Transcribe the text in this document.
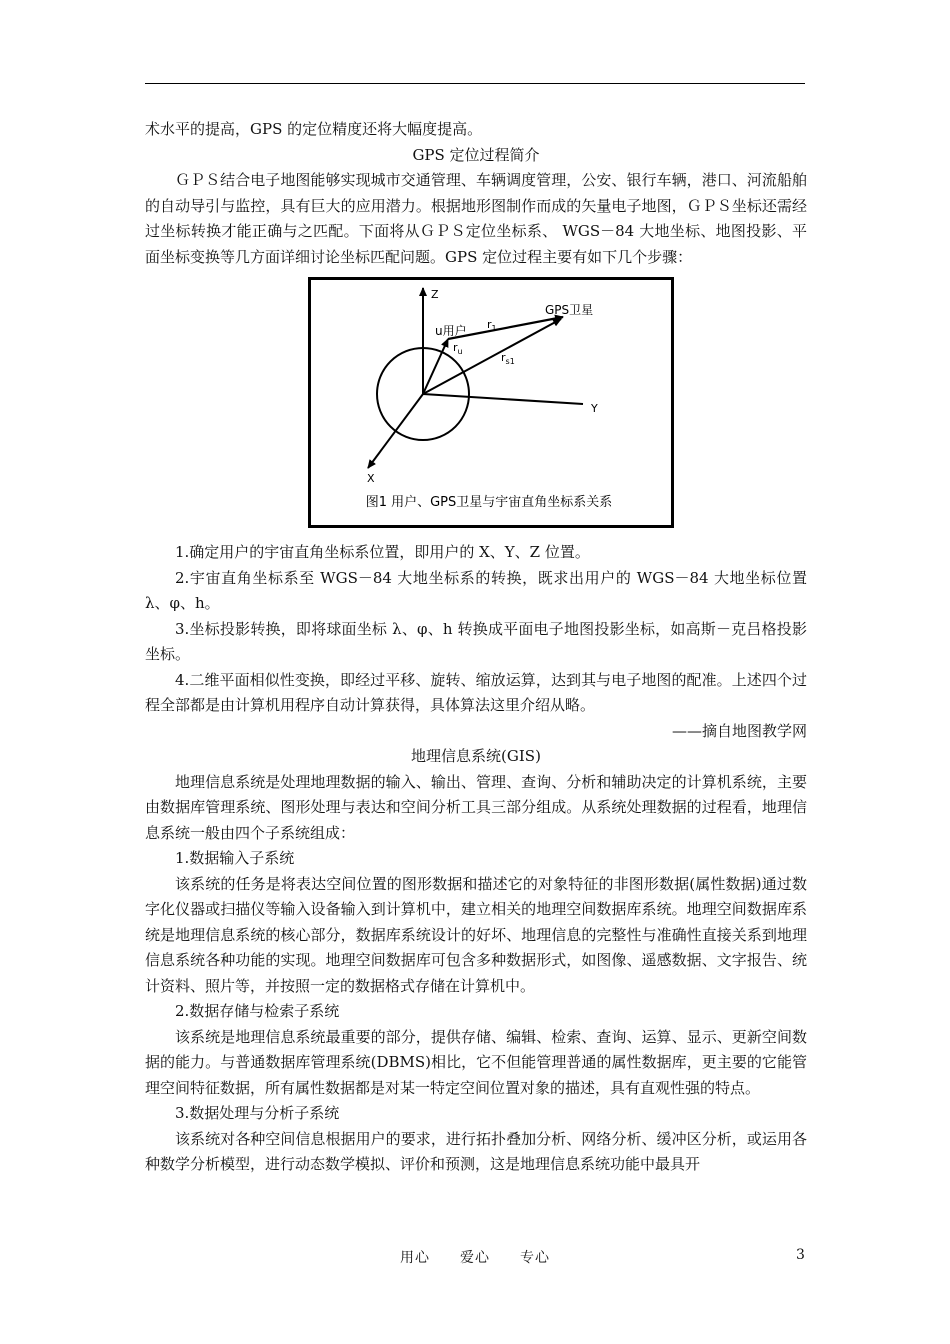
术水平的提高，GPS 的定位精度还将大幅度提高。

GPS 定位过程简介

ＧＰＳ结合电子地图能够实现城市交通管理、车辆调度管理，公安、银行车辆，港口、河流船舶的自动导引与监控，具有巨大的应用潜力。根据地形图制作而成的矢量电子地图，ＧＰＳ坐标还需经过坐标转换才能正确与之匹配。下面将从ＧＰＳ定位坐标系、 WGS－84 大地坐标、地图投影、平面坐标变换等几方面详细讨论坐标匹配问题。GPS 定位过程主要有如下几个步骤：

Z
Y
X
GPS卫星
u用户 $r_1$
$r_u$	$r_{s1}$
图1 用户、GPS卫星与宇宙直角坐标系关系

1.确定用户的宇宙直角坐标系位置，即用户的 X、Y、Z 位置。

2.宇宙直角坐标系至 WGS－84 大地坐标系的转换，既求出用户的 WGS－84 大地坐标位置 λ、φ、h。

3.坐标投影转换，即将球面坐标 λ、φ、h 转换成平面电子地图投影坐标，如高斯－克吕格投影坐标。

4.二维平面相似性变换，即经过平移、旋转、缩放运算，达到其与电子地图的配准。上述四个过程全部都是由计算机用程序自动计算获得，具体算法这里介绍从略。

——摘自地图教学网

地理信息系统(GIS)

地理信息系统是处理地理数据的输入、输出、管理、查询、分析和辅助决定的计算机系统，主要由数据库管理系统、图形处理与表达和空间分析工具三部分组成。从系统处理数据的过程看，地理信息系统一般由四个子系统组成：

1.数据输入子系统

该系统的任务是将表达空间位置的图形数据和描述它的对象特征的非图形数据(属性数据)通过数字化仪器或扫描仪等输入设备输入到计算机中，建立相关的地理空间数据库系统。地理空间数据库系统是地理信息系统的核心部分，数据库系统设计的好坏、地理信息的完整性与准确性直接关系到地理信息系统各种功能的实现。地理空间数据库可包含多种数据形式，如图像、遥感数据、文字报告、统计资料、照片等，并按照一定的数据格式存储在计算机中。

2.数据存储与检索子系统

该系统是地理信息系统最重要的部分，提供存储、编辑、检索、查询、运算、显示、更新空间数据的能力。与普通数据库管理系统(DBMS)相比，它不但能管理普通的属性数据库，更主要的它能管理空间特征数据，所有属性数据都是对某一特定空间位置对象的描述，具有直观性强的特点。

3.数据处理与分析子系统

该系统对各种空间信息根据用户的要求，进行拓扑叠加分析、网络分析、缓冲区分析，或运用各种数学分析模型，进行动态数学模拟、评价和预测，这是地理信息系统功能中最具开

用心　　爱心　　专心	3
